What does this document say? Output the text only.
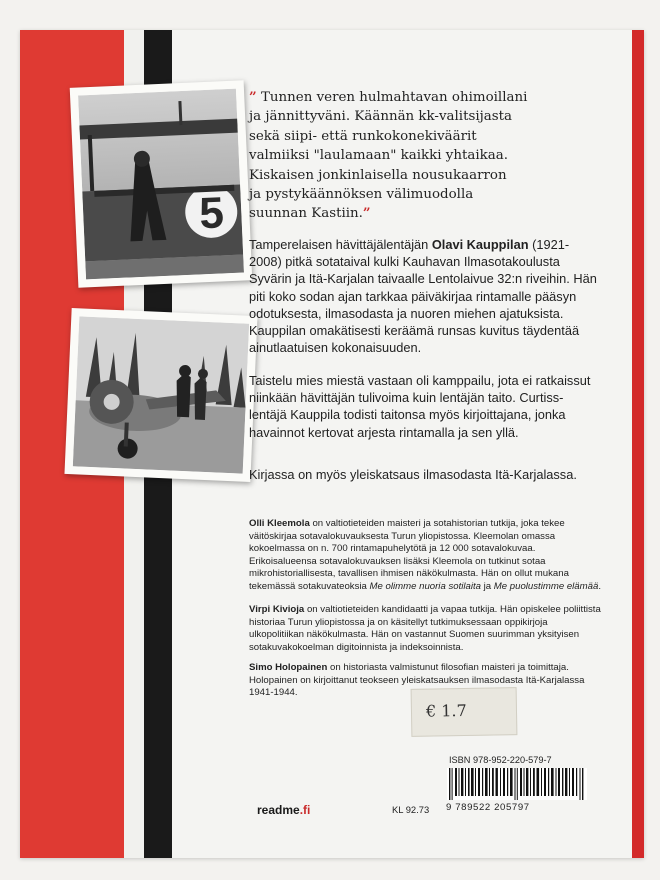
5
” Tunnen veren hulmahtavan ohimoillani
ja jännittyväni. Käännän kk-valitsijasta
sekä siipi- että runkokonekiväärit
valmiiksi "laulamaan" kaikki yhtaikaa.
Kiskaisen jonkinlaisella nousukaarron
ja pystykäännöksen välimuodolla
suunnan Kastiin.”

Tamperelaisen hävittäjälentäjän Olavi Kauppilan (1921-2008) pitkä sotataival kulki Kauhavan Ilmasotakoulusta Syvärin ja Itä-Karjalan taivaalle Lentolaivue 32:n riveihin. Hän piti koko sodan ajan tarkkaa päiväkirjaa rintamalle pääsyn odotuksesta, ilmasodasta ja nuoren miehen ajatuksista. Kauppilan omakätisesti keräämä runsas kuvitus täydentää ainutlaatuisen kokonaisuuden.

Taistelu mies miestä vastaan oli kamppailu, jota ei ratkaissut niinkään hävittäjän tulivoima kuin lentäjän taito. Curtiss-lentäjä Kauppila todisti taitonsa myös kirjoittajana, jonka havainnot kertovat arjesta rintamalla ja sen yllä.

Kirjassa on myös yleiskatsaus ilmasodasta Itä-Karjalassa.

Olli Kleemola on valtiotieteiden maisteri ja sotahistorian tutkija, joka tekee väitöskirjaa sotavalokuvauksesta Turun yliopistossa. Kleemolan omassa kokoelmassa on n. 700 rintamapuhelytötä ja 12 000 sotavalokuvaa. Erikoisalueensa sotavalokuvauksen lisäksi Kleemola on tutkinut sotaa mikrohistoriallisesta, tavallisen ihmisen näkökulmasta. Hän on ollut mukana tekemässä sotakuvateoksia Me olimme nuoria sotilaita ja Me puolustimme elämää.

Virpi Kivioja on valtiotieteiden kandidaatti ja vapaa tutkija. Hän opiskelee poliittista historiaa Turun yliopistossa ja on käsitellyt tutkimuksessaan oppikirjoja ulkopolitiikan näkökulmasta. Hän on vastannut Suomen suurimman yksityisen sotakuvakokoelman digitoinnista ja indeksoinnista.

Simo Holopainen on historiasta valmistunut filosofian maisteri ja toimittaja. Holopainen on kirjoittanut teokseen yleiskatsauksen ilmasodasta Itä-Karjalassa 1941-1944.

€ 1.7
ISBN 978-952-220-579-7
9 789522 205797
readme.fi	KL 92.73
